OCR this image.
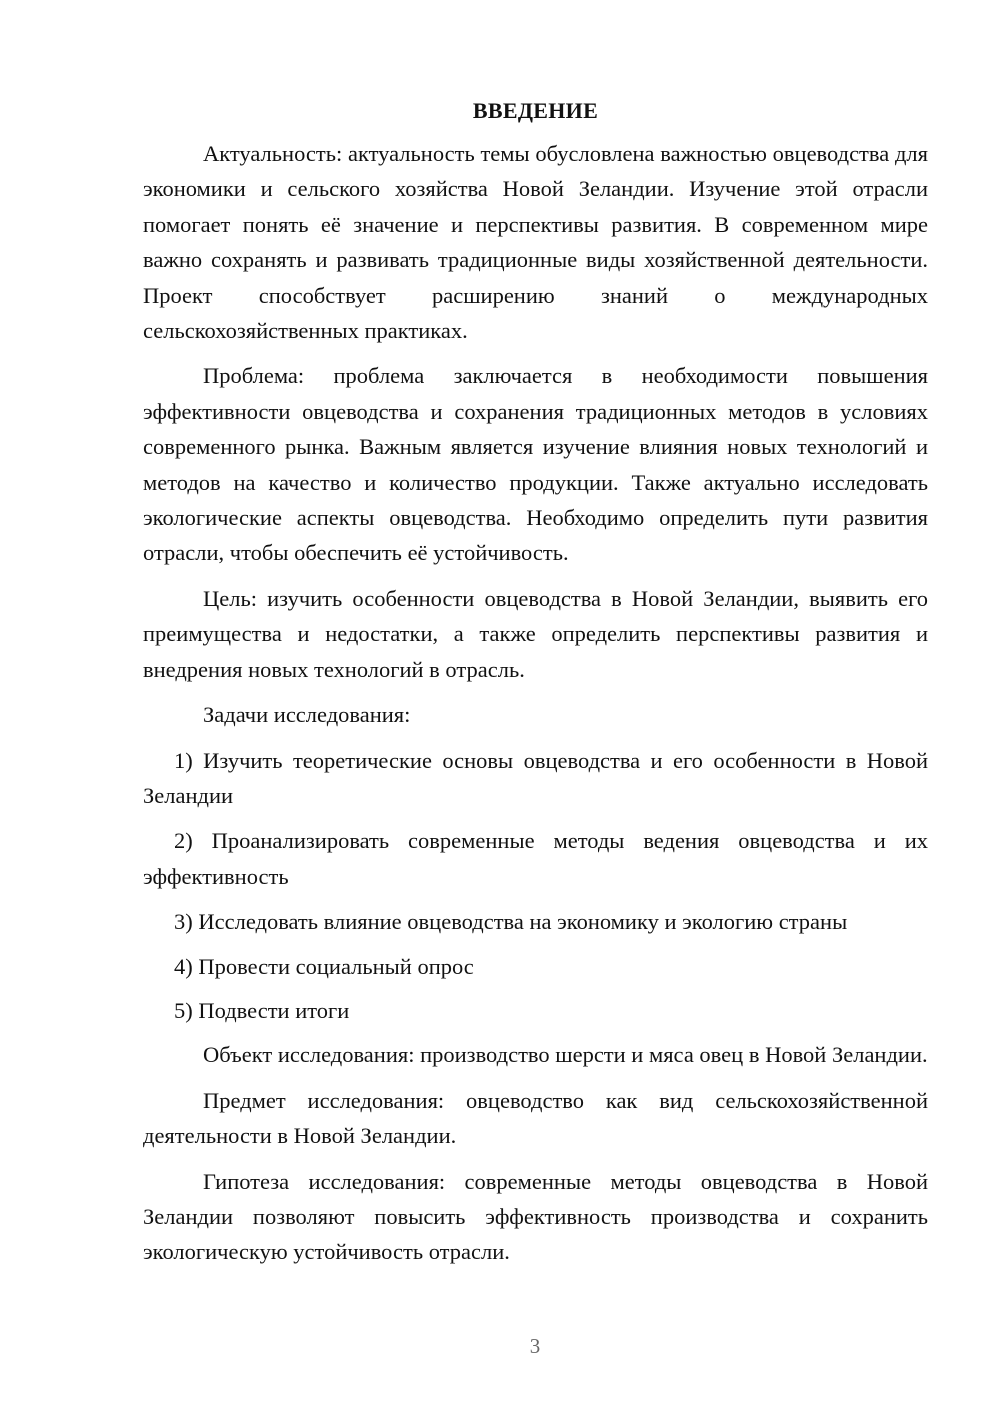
ВВЕДЕНИЕ

Актуальность: актуальность темы обусловлена важностью овцеводства для экономики и сельского хозяйства Новой Зеландии. Изучение этой отрасли помогает понять её значение и перспективы развития. В современном мире важно сохранять и развивать традиционные виды хозяйственной деятельности. Проект способствует расширению знаний о международных сельскохозяйственных практиках.

Проблема: проблема заключается в необходимости повышения эффективности овцеводства и сохранения традиционных методов в условиях современного рынка. Важным является изучение влияния новых технологий и методов на качество и количество продукции. Также актуально исследовать экологические аспекты овцеводства. Необходимо определить пути развития отрасли, чтобы обеспечить её устойчивость.

Цель: изучить особенности овцеводства в Новой Зеландии, выявить его преимущества и недостатки, а также определить перспективы развития и внедрения новых технологий в отрасль.

Задачи исследования:

1) Изучить теоретические основы овцеводства и его особенности в Новой Зеландии

2) Проанализировать современные методы ведения овцеводства и их эффективность

3) Исследовать влияние овцеводства на экономику и экологию страны

4) Провести социальный опрос

5) Подвести итоги

Объект исследования: производство шерсти и мяса овец в Новой Зеландии.

Предмет исследования: овцеводство как вид сельскохозяйственной деятельности в Новой Зеландии.

Гипотеза исследования: современные методы овцеводства в Новой Зеландии позволяют повысить эффективность производства и сохранить экологическую устойчивость отрасли.

3
